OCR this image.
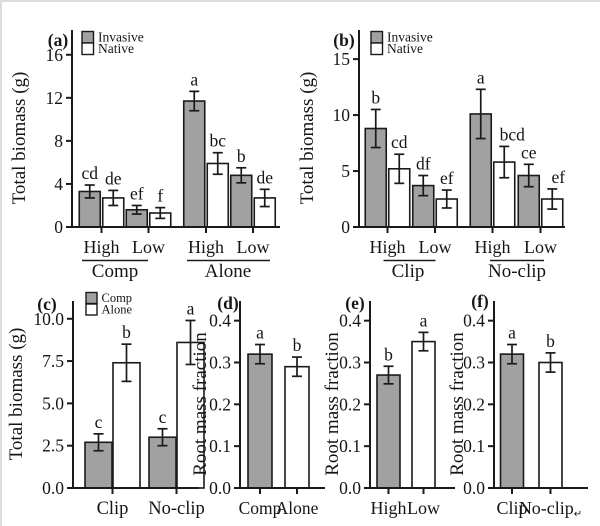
0
4
8
12
16
cd de
High
ef f
Low
a
bc
High
b
de
Low
Comp	Alone
Invasive
Native
Total biomass (g)
(a)
0
5
10
15
b
cd
High
df
ef
Low
a
bcd
High
ce
ef
Low
Clip	No-clip
Invasive
Native
Total biomass (g)
(b)
0.0
2.5
5.0
7.5
10.0
c
b
Clip
c
a
No-clip
Comp
Alone
Total biomass (g)
(c)
0.0
0.1
0.2
0.3
0.4
a
Comp
b
Alone
Root mass fraction
(d)
0.0
0.1
0.2
0.3
0.4
b
High
a
Low
Root mass fraction
(e)
0.0
0.1
0.2
0.3
0.4
a
Clip
b
No-clip↵
Root mass fraction
(f)
